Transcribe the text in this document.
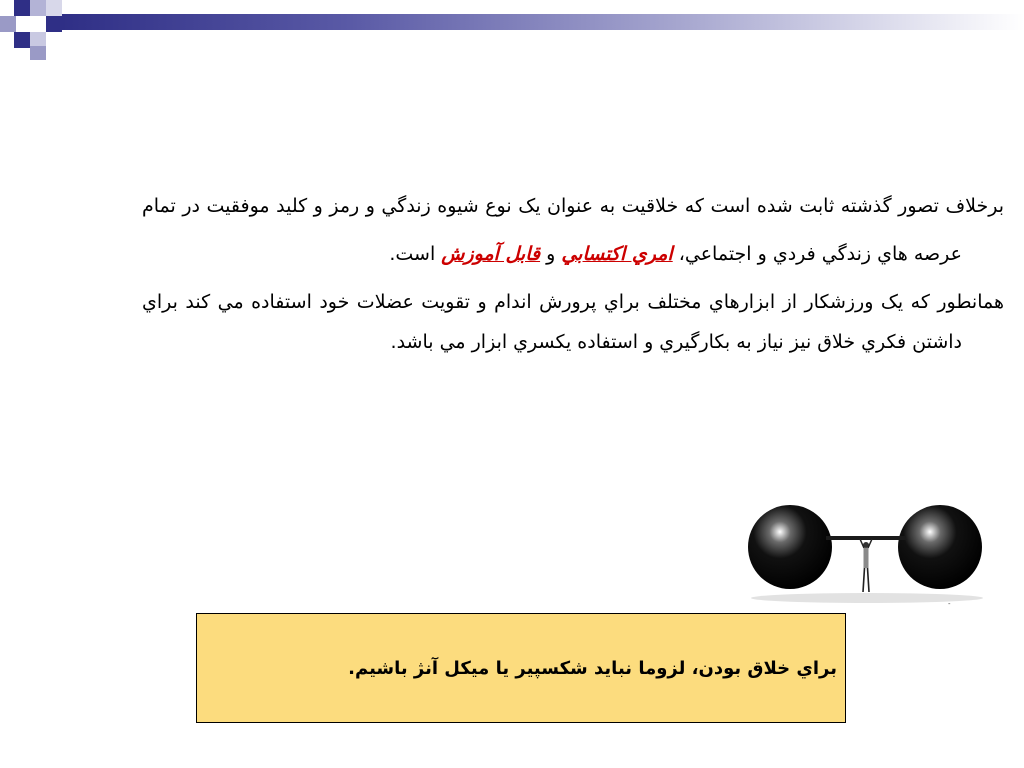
برخلاف تصور گذشته ثابت شده است که خلاقیت به عنوان یک نوع شیوه زندگي و رمز و کلید موفقیت در تمام عرصه هاي زندگي فردي و اجتماعي، امري اکتسابي و قابل آموزش است.

همانطور که یک ورزشکار از ابزارهاي مختلف براي پرورش اندام و تقویت عضلات خود استفاده مي کند براي داشتن فکري خلاق نیز نیاز به بکارگیري و استفاده یکسري ابزار مي باشد.

-
براي خلاق بودن، لزوما نباید شکسپیر یا میکل آنژ باشیم.
